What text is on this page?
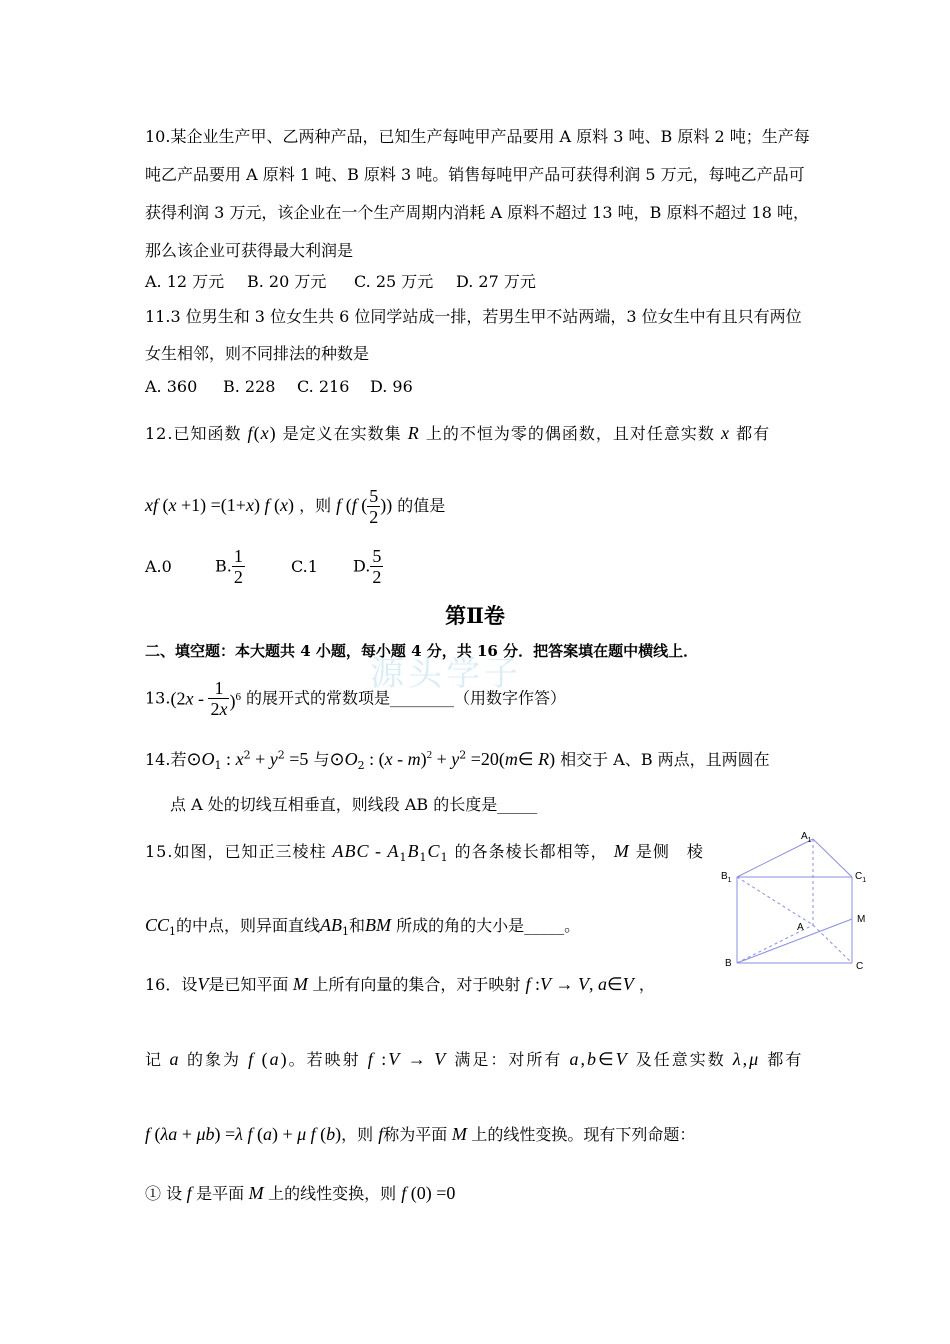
10.某企业生产甲、乙两种产品，已知生产每吨甲产品要用 A 原料 3 吨、B 原料 2 吨；生产每
吨乙产品要用 A 原料 1 吨、B 原料 3 吨。销售每吨甲产品可获得利润 5 万元，每吨乙产品可
获得利润 3 万元，该企业在一个生产周期内消耗 A 原料不超过 13 吨，B 原料不超过 18 吨，
那么该企业可获得最大利润是
A. 12 万元 B. 20 万元 C. 25 万元 D. 27 万元
11.3 位男生和 3 位女生共 6 位同学站成一排，若男生甲不站两端，3 位女生中有且只有两位
女生相邻，则不同排法的种数是
A. 360 B. 228 C. 216 D. 96
12.已知函数 f(x) 是定义在实数集 R 上的不恒为零的偶函数，且对任意实数 x 都有
xf (x +1) =(1+x) f (x) ，则 f (f ( $\frac{5}{2}$ )) 的值是
A.0	B. $\frac{1}{2}$	C.1 D. $\frac{5}{2}$
第Ⅱ卷
二、填空题：本大题共 4 小题，每小题 4 分，共 16 分．把答案填在题中横线上．
源头学子
$13.(2x - \frac{1}{2x} )^6$ 的展开式的常数项是________（用数字作答）
14.若$⊙O_1$ : $x^2 + y^2 =5$ 与$⊙O_2$ : $(x - m)^2 + y^2$ =20(m∈ R) 相交于 A、B 两点，且两圆在
点 A 处的切线互相垂直，则线段 AB 的长度是_____
15.如图，已知正三棱柱 ABC - $A_1B_1C_1$ 的各条棱长都相等， M 是侧　棱
$CC_1$的中点，则异面直线$AB_1$和BM 所成的角的大小是_____。
$A_1$
$B_1$	$C_1$
A
M
B	C
16．设V是已知平面 M 上所有向量的集合，对于映射 f :V → V, a∈V ，
记 a 的象为 f (a)。若映射 f :V → V 满足：对所有 a,b∈V 及任意实数 λ,μ 都有
f (λa + μb) =λ f (a) + μ f (b)，则 f称为平面 M 上的线性变换。现有下列命题：
① 设 f 是平面 M 上的线性变换，则 f (0) =0
